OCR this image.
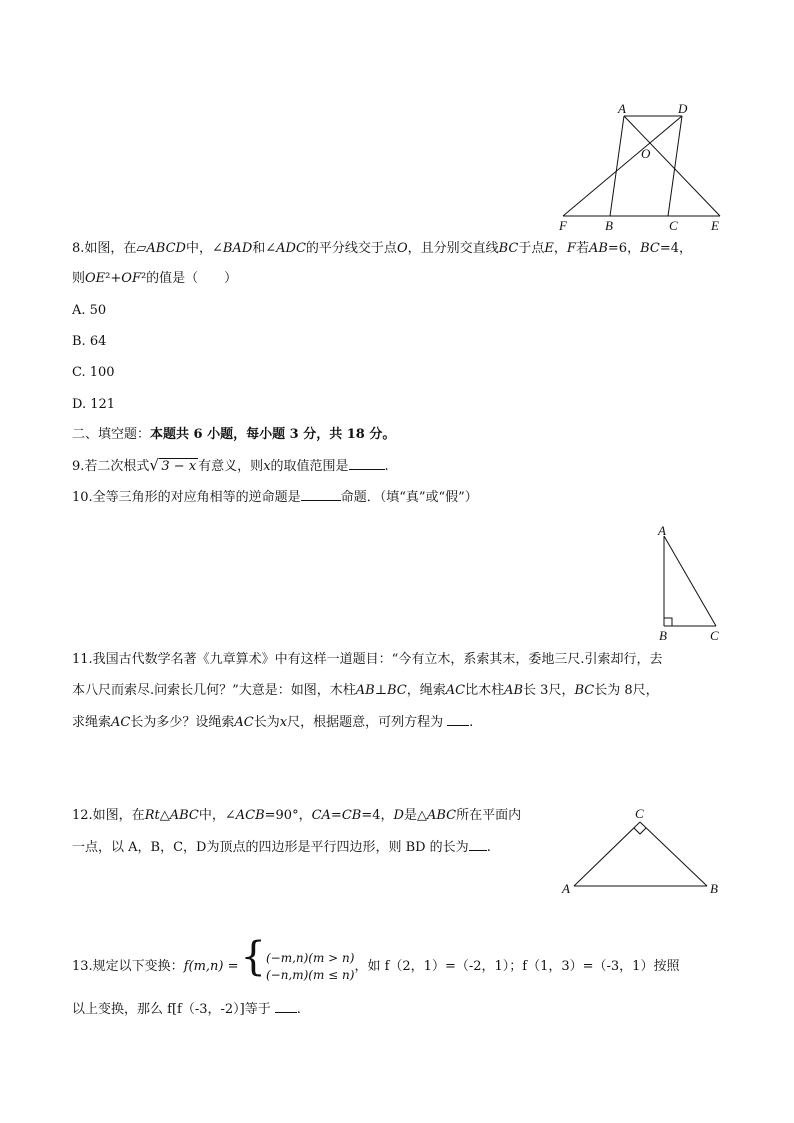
A	D
O
F	B	C	E
8.如图，在▱ABCD中，∠BAD和∠ADC的平分线交于点O，且分别交直线BC于点E，F若AB=6，BC=4，
则OE²+OF²的值是（　　）
A. 50
B. 64
C. 100
D. 121
二、填空题：本题共 6 小题，每小题 3 分，共 18 分。
9.若二次根式 √ 3 − x 有意义，则x的取值范围是	.
10.全等三角形的对应角相等的逆命题是	命题．（填“真”或“假”）
A
B	C
11.我国古代数学名著《九章算术》中有这样一道题目：“今有立木，系索其末，委地三尺.引索却行，去
本八尺而索尽.问索长几何？”大意是：如图，木柱AB⊥BC，绳索AC比木柱AB长 3尺，BC长为 8尺，
求绳索AC长为多少？设绳索AC长为x尺，根据题意，可列方程为 .
C
A	B
12.如图，在Rt△ABC中，∠ACB=90°，CA=CB=4，D是△ABC所在平面内
一点，以 A，B，C，D为顶点的四边形是平行四边形，则 BD 的长为 .
13.规定以下变换：f(m,n) ={(−m,n)(m > n)
(−n,m)(m ≤ n)，如 f（2，1）=（-2，1）；f（1，3）=（-3，1）按照
以上变换，那么 f[f（-3，-2）]等于 .
